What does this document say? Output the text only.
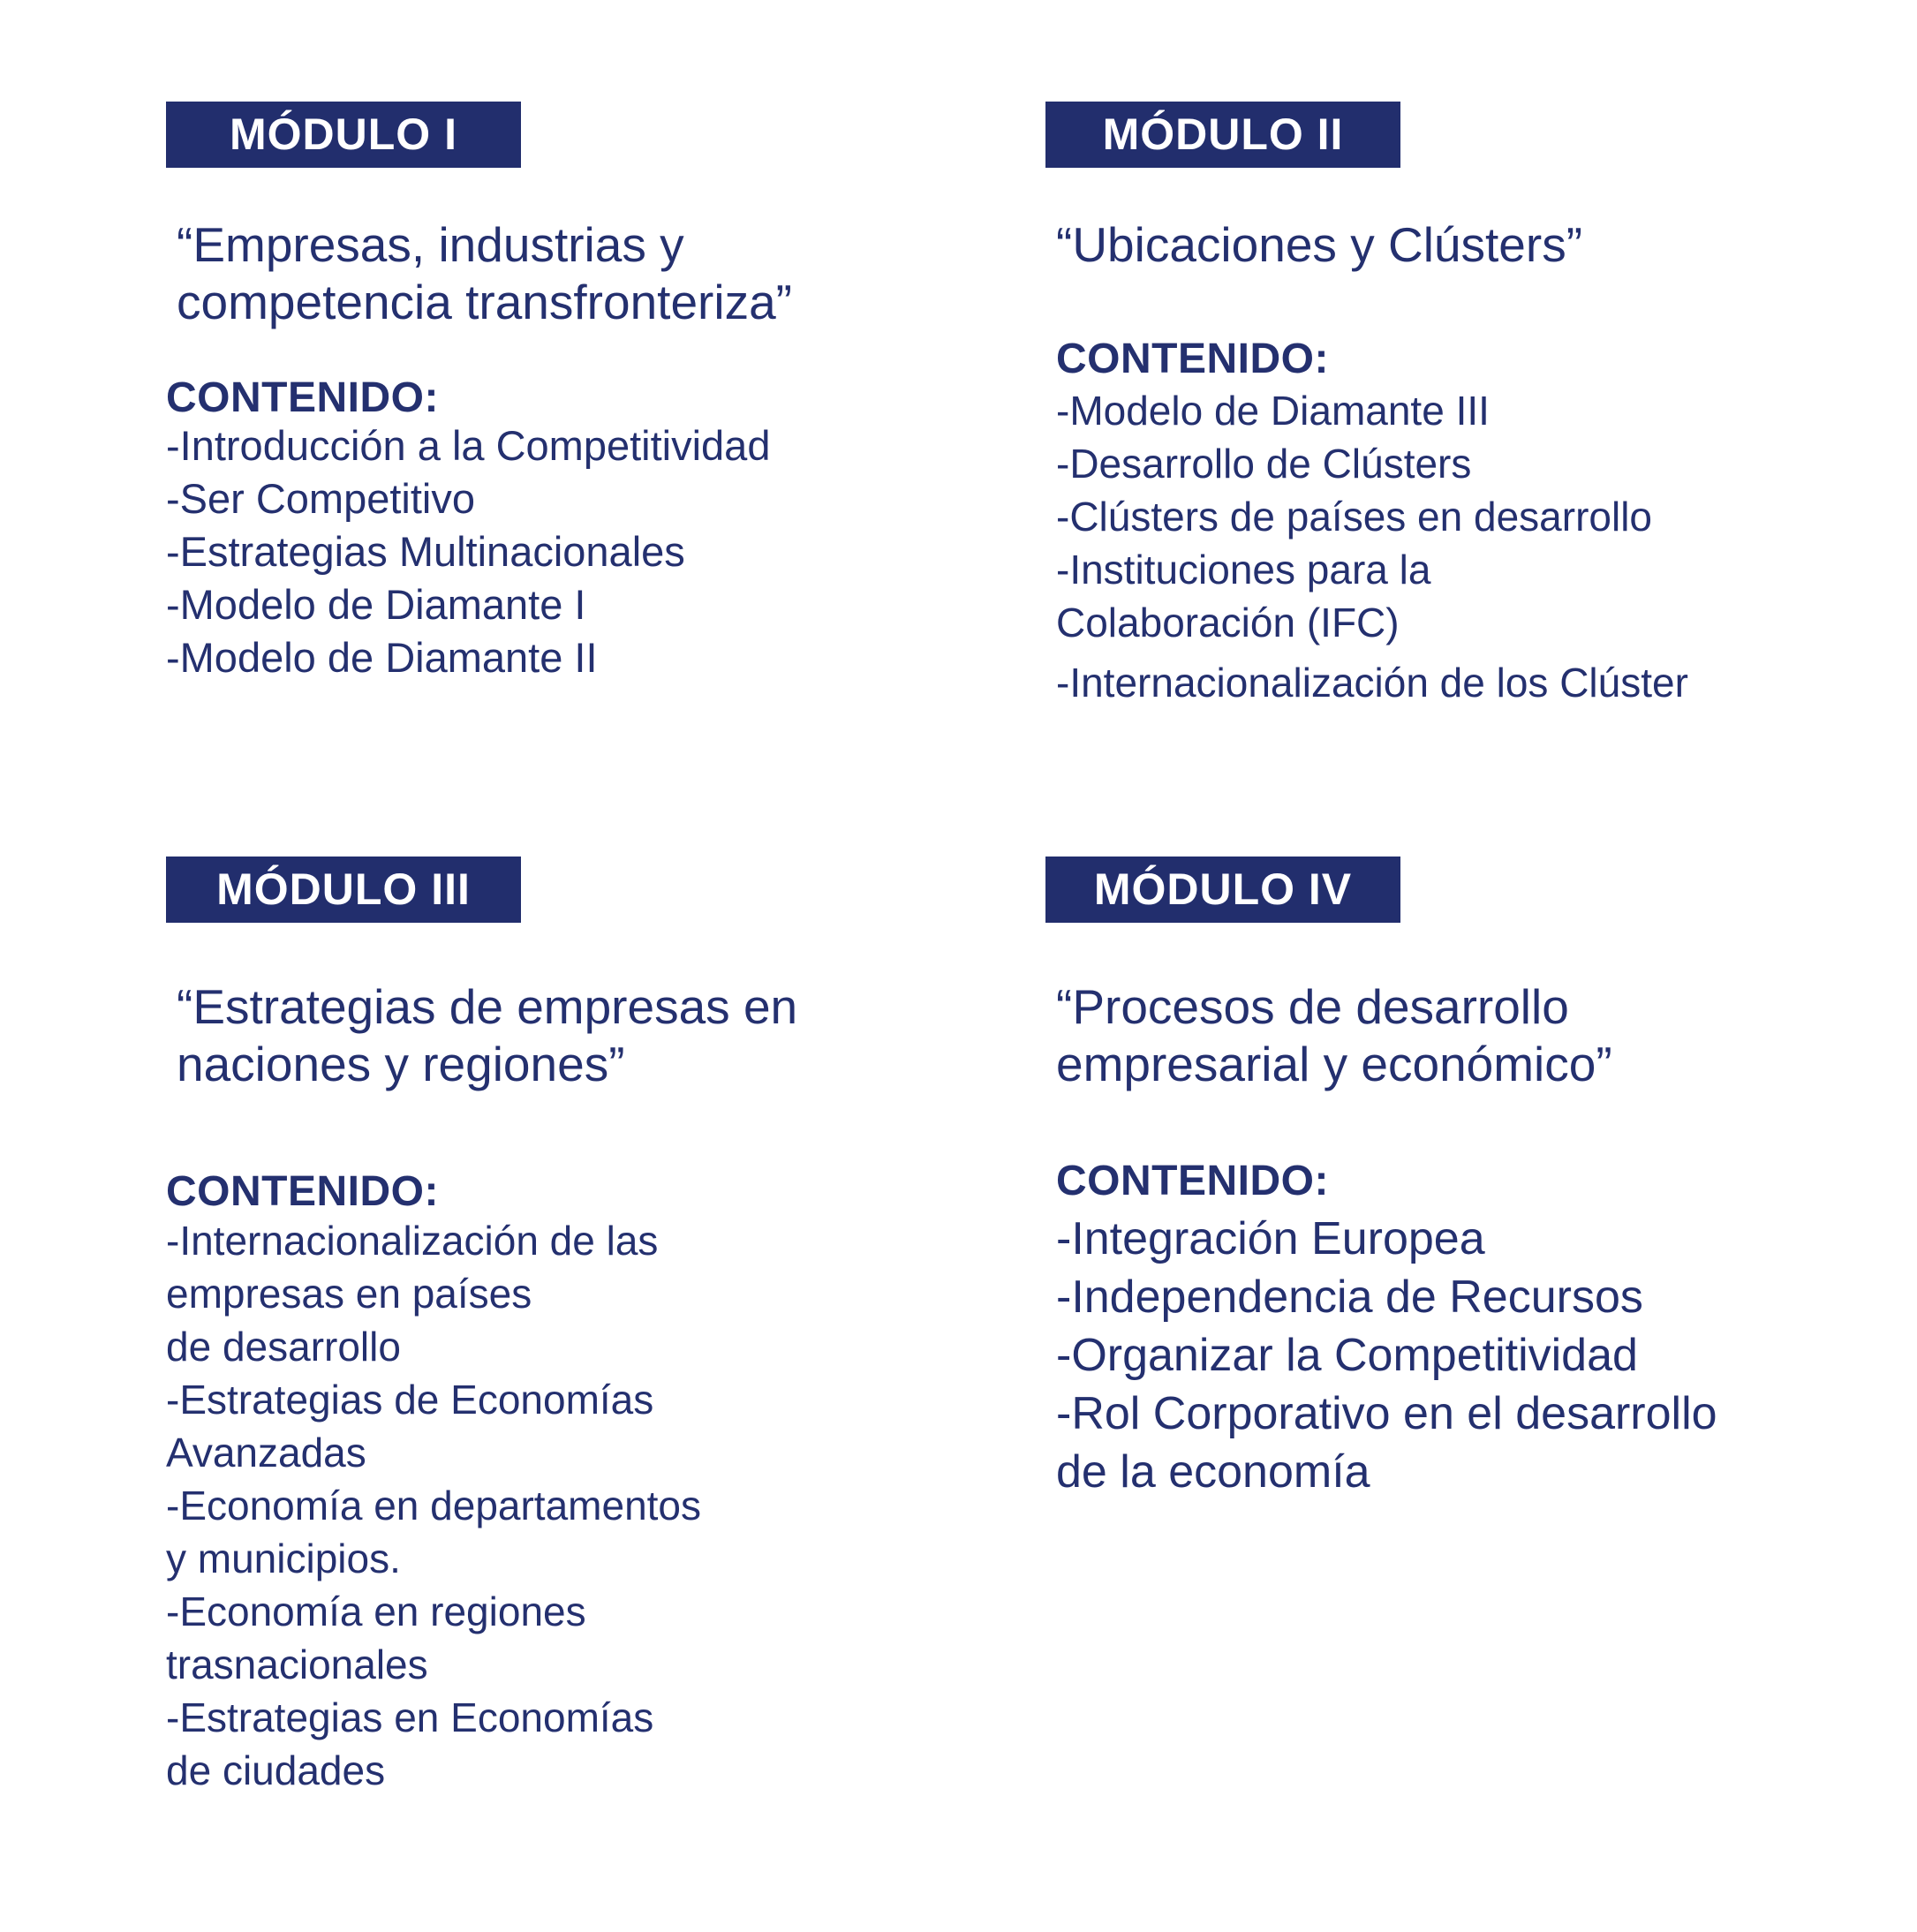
MÓDULO I
“Empresas, industrias y
competencia transfronteriza”
CONTENIDO:
-Introducción a la Competitividad
-Ser Competitivo
-Estrategias Multinacionales
-Modelo de Diamante I
-Modelo de Diamante II
MÓDULO II
“Ubicaciones y Clústers”
CONTENIDO:
-Modelo de Diamante III
-Desarrollo de Clústers
-Clústers de países en desarrollo
-Instituciones para la
Colaboración (IFC)
-Internacionalización de los Clúster
MÓDULO III
“Estrategias de empresas en
naciones y regiones”
CONTENIDO:
-Internacionalización de las
empresas en países
de desarrollo
-Estrategias de Economías
Avanzadas
-Economía en departamentos
y municipios.
-Economía en regiones
trasnacionales
-Estrategias en Economías
de ciudades
MÓDULO IV
“Procesos de desarrollo
empresarial y económico”
CONTENIDO:
-Integración Europea
-Independencia de Recursos
-Organizar la Competitividad
-Rol Corporativo en el desarrollo
de la economía
